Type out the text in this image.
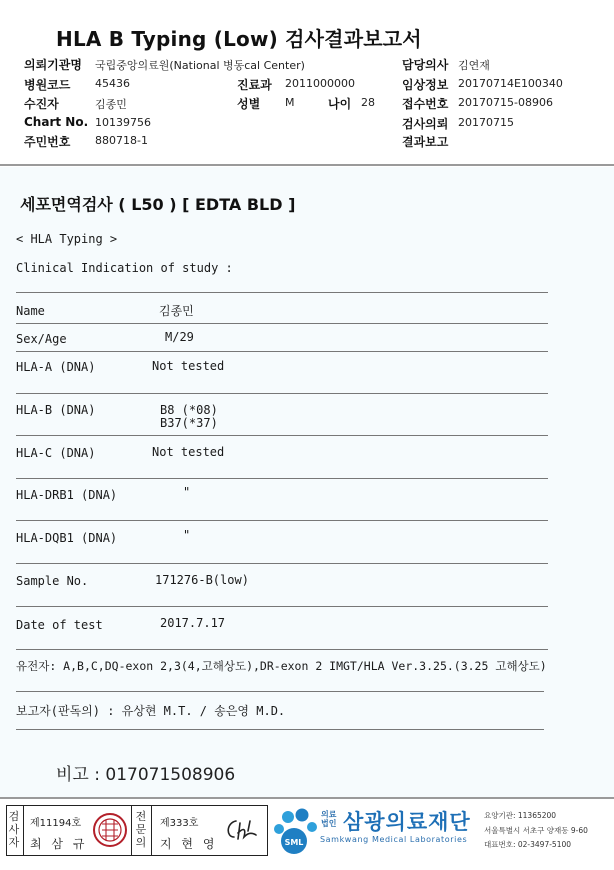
HLA B Typing (Low) 검사결과보고서
의뢰기관명 국립중앙의료원(National 병동cal Center)
병원코드 45436
수진자	김종민
Chart No. 10139756
주민번호 880718-1
진료과 2011000000
성별 M	나이 28
담당의사 김연재
임상정보 20170714E100340
접수번호 20170715-08906
검사의뢰 20170715
결과보고
세포면역검사 ( L50 ) [ EDTA BLD ]
< HLA Typing >
Clinical Indication of study :
Name	김종민
Sex/Age	M/29
HLA-A (DNA)	Not tested
HLA-B (DNA)	B8 (*08)
B37(*37)
HLA-C (DNA)	Not tested
HLA-DRB1 (DNA)	"
HLA-DQB1 (DNA)	"
Sample No.	171276-B(low)
Date of test	2017.7.17
유전자: A,B,C,DQ-exon 2,3(4,고해상도),DR-exon 2 IMGT/HLA Ver.3.25.(3.25 고해상도)
보고자(판독의) : 유상현 M.T. / 송은영 M.D.
비고 : 017071508906
검사자
제11194호
최 삼 규
전문의
제333호
지 현 영	SML
의료법인 삼광의료재단
Samkwang Medical Laboratories
요양기관: 11365200
서울특별시 서초구 양재동 9-60
대표번호: 02-3497-5100
